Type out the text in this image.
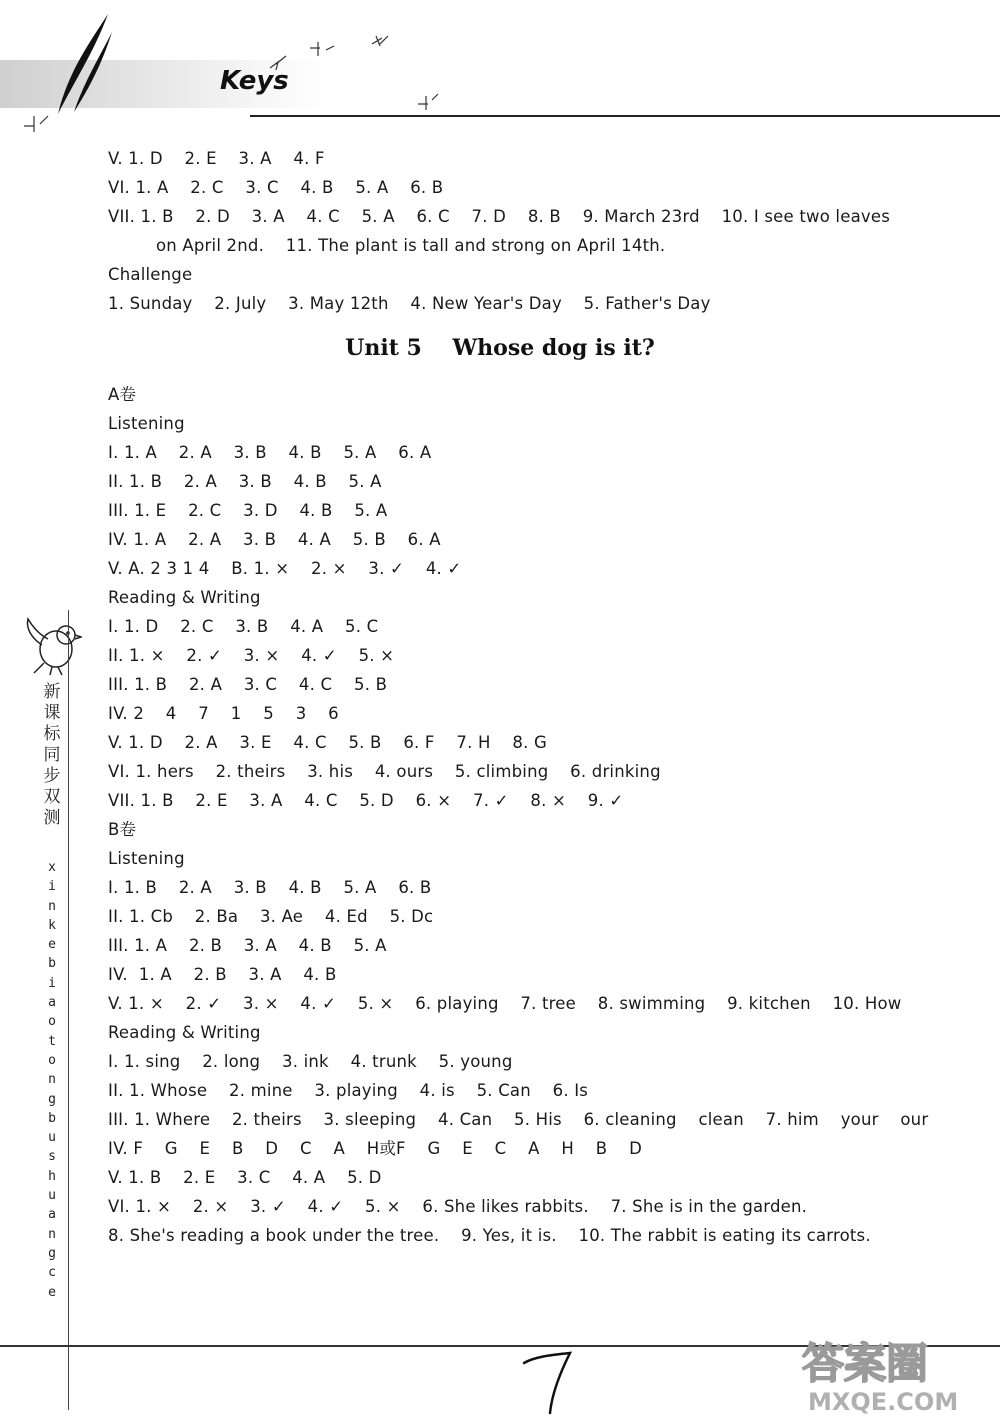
Keys
V. 1. D    2. E    3. A    4. F
VI. 1. A    2. C    3. C    4. B    5. A    6. B
VII. 1. B    2. D    3. A    4. C    5. A    6. C    7. D    8. B    9. March 23rd    10. I see two leaves
on April 2nd.    11. The plant is tall and strong on April 14th.
Challenge
1. Sunday    2. July    3. May 12th    4. New Year's Day    5. Father's Day
Unit 5    Whose dog is it?
A卷
Listening
I. 1. A    2. A    3. B    4. B    5. A    6. A
II. 1. B    2. A    3. B    4. B    5. A
III. 1. E    2. C    3. D    4. B    5. A
IV. 1. A    2. A    3. B    4. A    5. B    6. A
V. A. 2 3 1 4    B. 1. ×    2. ×    3. ✓    4. ✓
Reading & Writing
I. 1. D    2. C    3. B    4. A    5. C
II. 1. ×    2. ✓    3. ×    4. ✓    5. ×
III. 1. B    2. A    3. C    4. C    5. B
IV. 2    4    7    1    5    3    6
V. 1. D    2. A    3. E    4. C    5. B    6. F    7. H    8. G
VI. 1. hers    2. theirs    3. his    4. ours    5. climbing    6. drinking
VII. 1. B    2. E    3. A    4. C    5. D    6. ×    7. ✓    8. ×    9. ✓
B卷
Listening
I. 1. B    2. A    3. B    4. B    5. A    6. B
II. 1. Cb    2. Ba    3. Ae    4. Ed    5. Dc
III. 1. A    2. B    3. A    4. B    5. A
IV.  1. A    2. B    3. A    4. B
V. 1. ×    2. ✓    3. ×    4. ✓    5. ×    6. playing    7. tree    8. swimming    9. kitchen    10. How
Reading & Writing
I. 1. sing    2. long    3. ink    4. trunk    5. young
II. 1. Whose    2. mine    3. playing    4. is    5. Can    6. Is
III. 1. Where    2. theirs    3. sleeping    4. Can    5. His    6. cleaning    clean    7. him    your    our
IV. F    G    E    B    D    C    A    H或F    G    E    C    A    H    B    D
V. 1. B    2. E    3. C    4. A    5. D
VI. 1. ×    2. ×    3. ✓    4. ✓    5. ×    6. She likes rabbits.    7. She is in the garden.
8. She's reading a book under the tree.    9. Yes, it is.    10. The rabbit is eating its carrots.
新
课
标
同
步
双
测
x
i
n
k
e
b
i
a
o
t
o
n
g
b
u
s
h
u
a
n
g
c
e
7	答案圈
MXQE.COM
